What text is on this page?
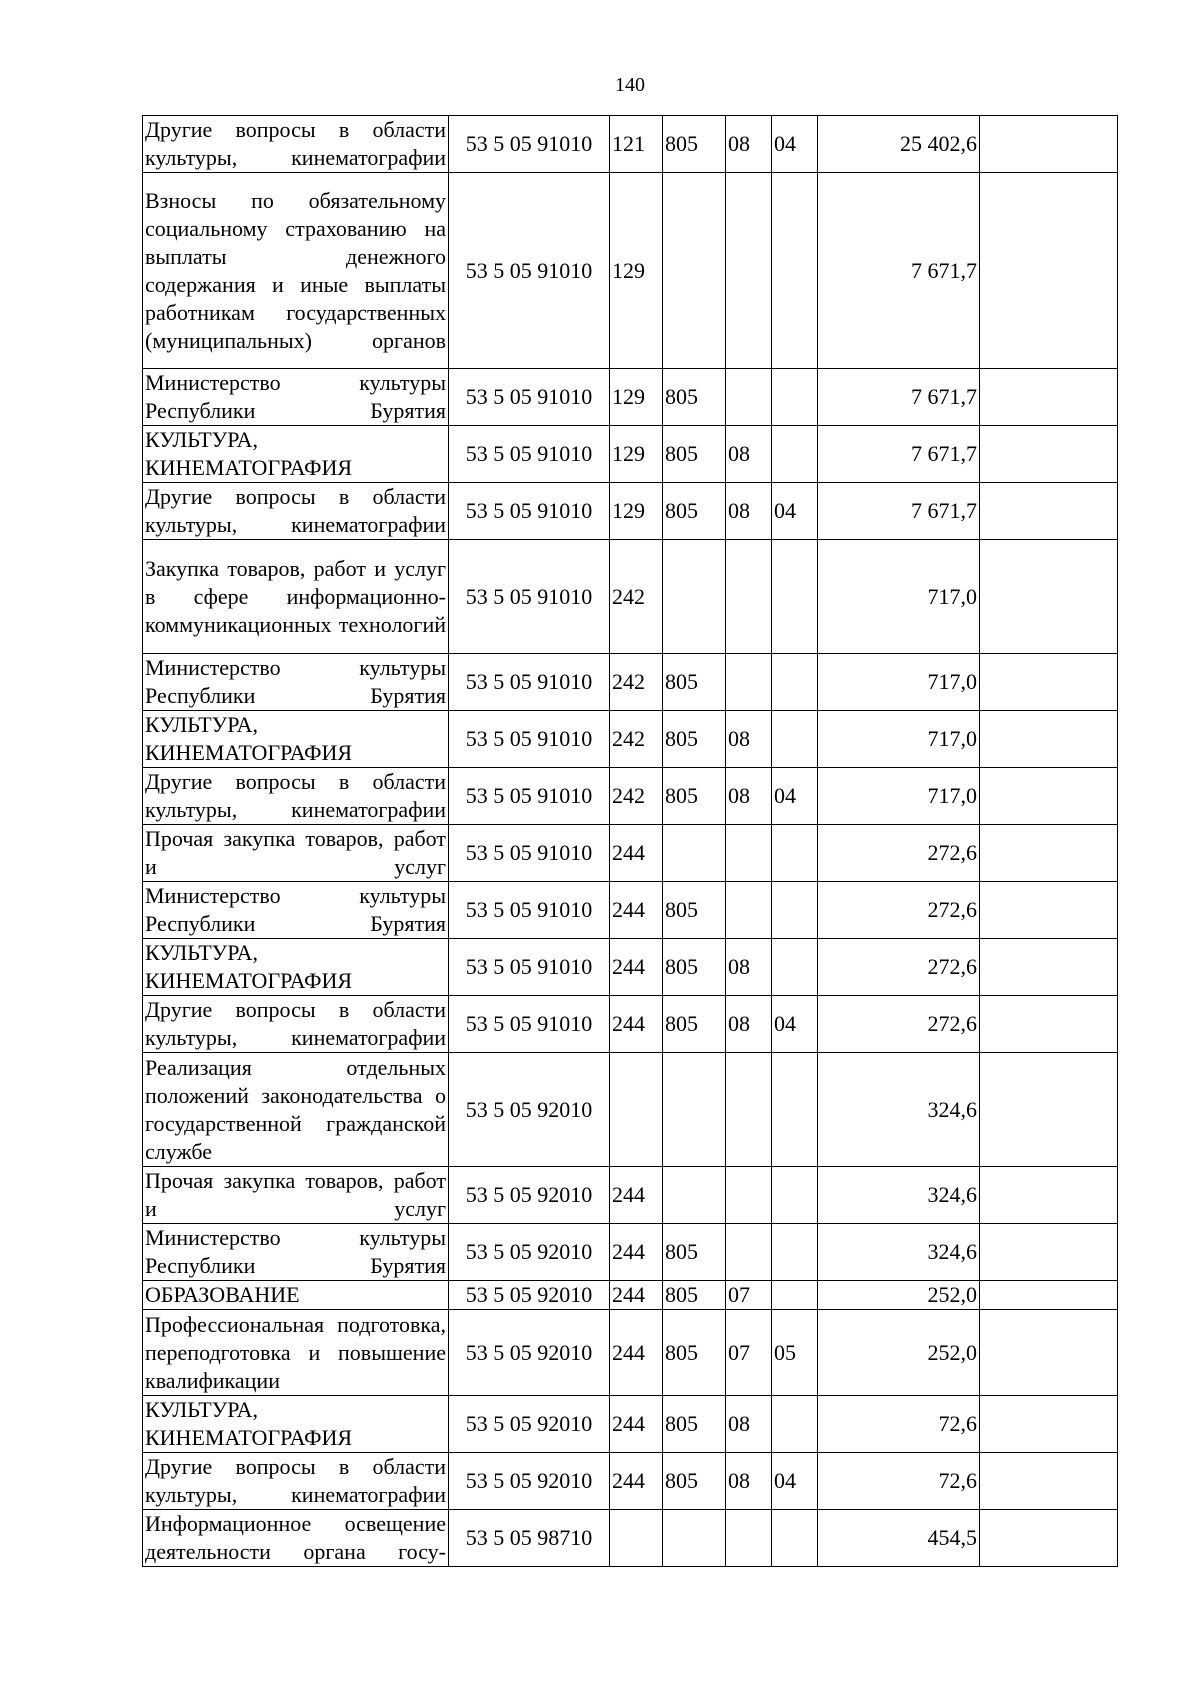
140
Другие вопросы в области культуры, кинематографии	53 5 05 91010	121	805	08	04	25 402,6	
Взносы по обязательному социальному страхованию на выплаты денежного содержания и иные выплаты работникам государственных (муниципальных) органов	53 5 05 91010	129				7 671,7	
Министерство культуры Республики Бурятия	53 5 05 91010	129	805			7 671,7	
КУЛЬТУРА, КИНЕМАТОГРАФИЯ	53 5 05 91010	129	805	08		7 671,7	
Другие вопросы в области культуры, кинематографии	53 5 05 91010	129	805	08	04	7 671,7	
Закупка товаров, работ и услуг в сфере информационно-коммуникационных технологий	53 5 05 91010	242				717,0	
Министерство культуры Республики Бурятия	53 5 05 91010	242	805			717,0	
КУЛЬТУРА, КИНЕМАТОГРАФИЯ	53 5 05 91010	242	805	08		717,0	
Другие вопросы в области культуры, кинематографии	53 5 05 91010	242	805	08	04	717,0	
Прочая закупка товаров, работ и услуг	53 5 05 91010	244				272,6	
Министерство культуры Республики Бурятия	53 5 05 91010	244	805			272,6	
КУЛЬТУРА, КИНЕМАТОГРАФИЯ	53 5 05 91010	244	805	08		272,6	
Другие вопросы в области культуры, кинематографии	53 5 05 91010	244	805	08	04	272,6	
Реализация отдельных положений законодательства о государственной гражданской службе	53 5 05 92010					324,6	
Прочая закупка товаров, работ и услуг	53 5 05 92010	244				324,6	
Министерство культуры Республики Бурятия	53 5 05 92010	244	805			324,6	
ОБРАЗОВАНИЕ	53 5 05 92010	244	805	07		252,0	
Профессиональная подготовка, переподготовка и повышение квалификации	53 5 05 92010	244	805	07	05	252,0	
КУЛЬТУРА, КИНЕМАТОГРАФИЯ	53 5 05 92010	244	805	08		72,6	
Другие вопросы в области культуры, кинематографии	53 5 05 92010	244	805	08	04	72,6	
Информационное освещение деятельности органа госу-	53 5 05 98710					454,5	
